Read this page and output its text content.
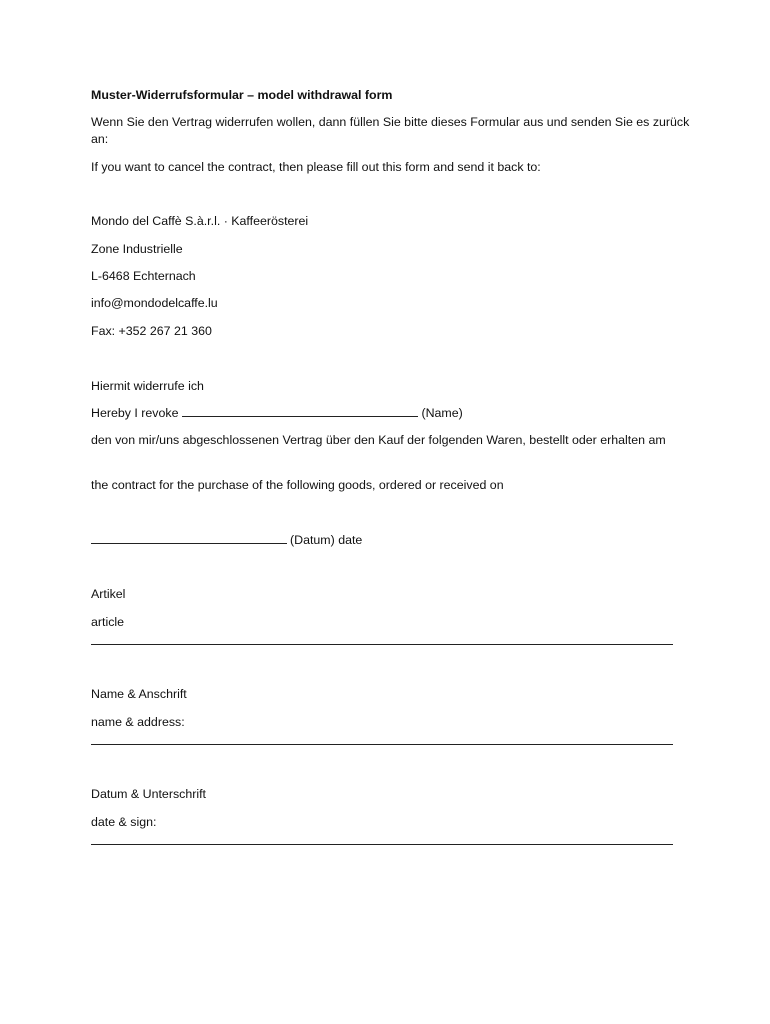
Muster-Widerrufsformular – model withdrawal form
Wenn Sie den Vertrag widerrufen wollen, dann füllen Sie bitte dieses Formular aus und senden Sie es zurück an:
If you want to cancel the contract, then please fill out this form and send it back to:
Mondo del Caffè S.à.r.l. · Kaffeerösterei
Zone Industrielle
L-6468 Echternach
info@mondodelcaffe.lu
Fax: +352 267 21 360
Hiermit widerrufe ich
Hereby I revoke	(Name)
den von mir/uns abgeschlossenen Vertrag über den Kauf der folgenden Waren, bestellt oder erhalten am
the contract for the purchase of the following goods, ordered or received on
(Datum) date
Artikel
article
Name & Anschrift
name & address:
Datum & Unterschrift
date & sign:
